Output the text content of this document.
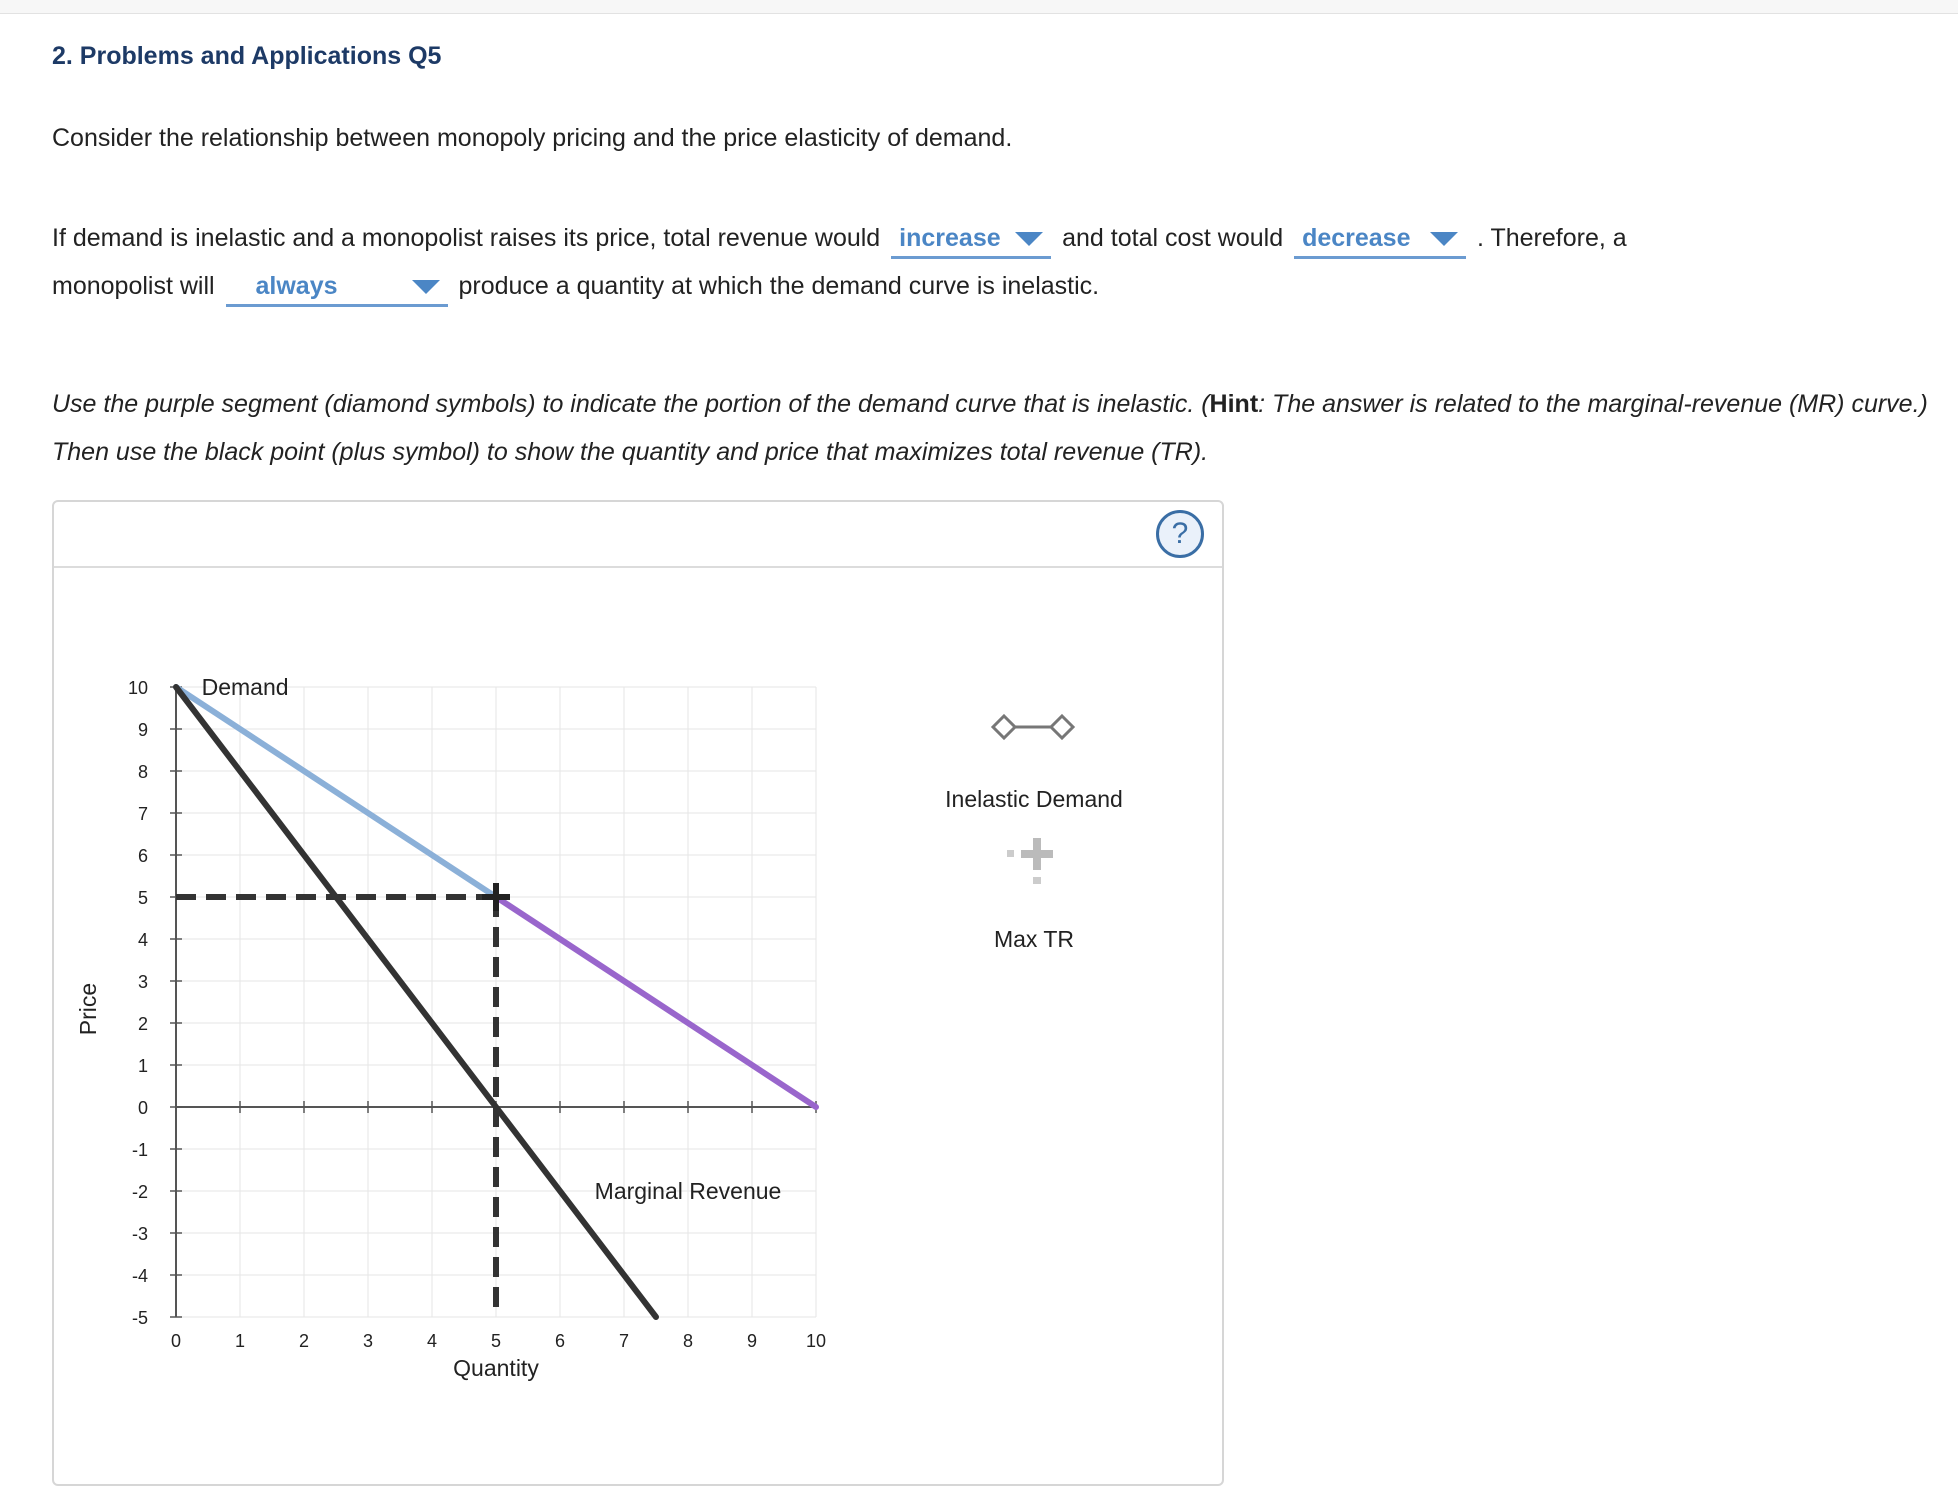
2. Problems and Applications Q5
Consider the relationship between monopoly pricing and the price elasticity of demand.
If demand is inelastic and a monopolist raises its price, total revenue would increase and total cost would decrease	. Therefore, a
monopolist will always	produce a quantity at which the demand curve is inelastic.
Use the purple segment (diamond symbols) to indicate the portion of the demand curve that is inelastic. (Hint: The answer is related to the marginal-revenue (MR) curve.) Then use the black point (plus symbol) to show the quantity and price that maximizes total revenue (TR).
?
0	1	2	3	4	5	6	7	8	9	10
10
9
8
7
6
5
4
3
2
1
0
-1
-2
-3
-4
-5
Quantity
Price
Demand
Marginal Revenue
Inelastic Demand
Max TR
